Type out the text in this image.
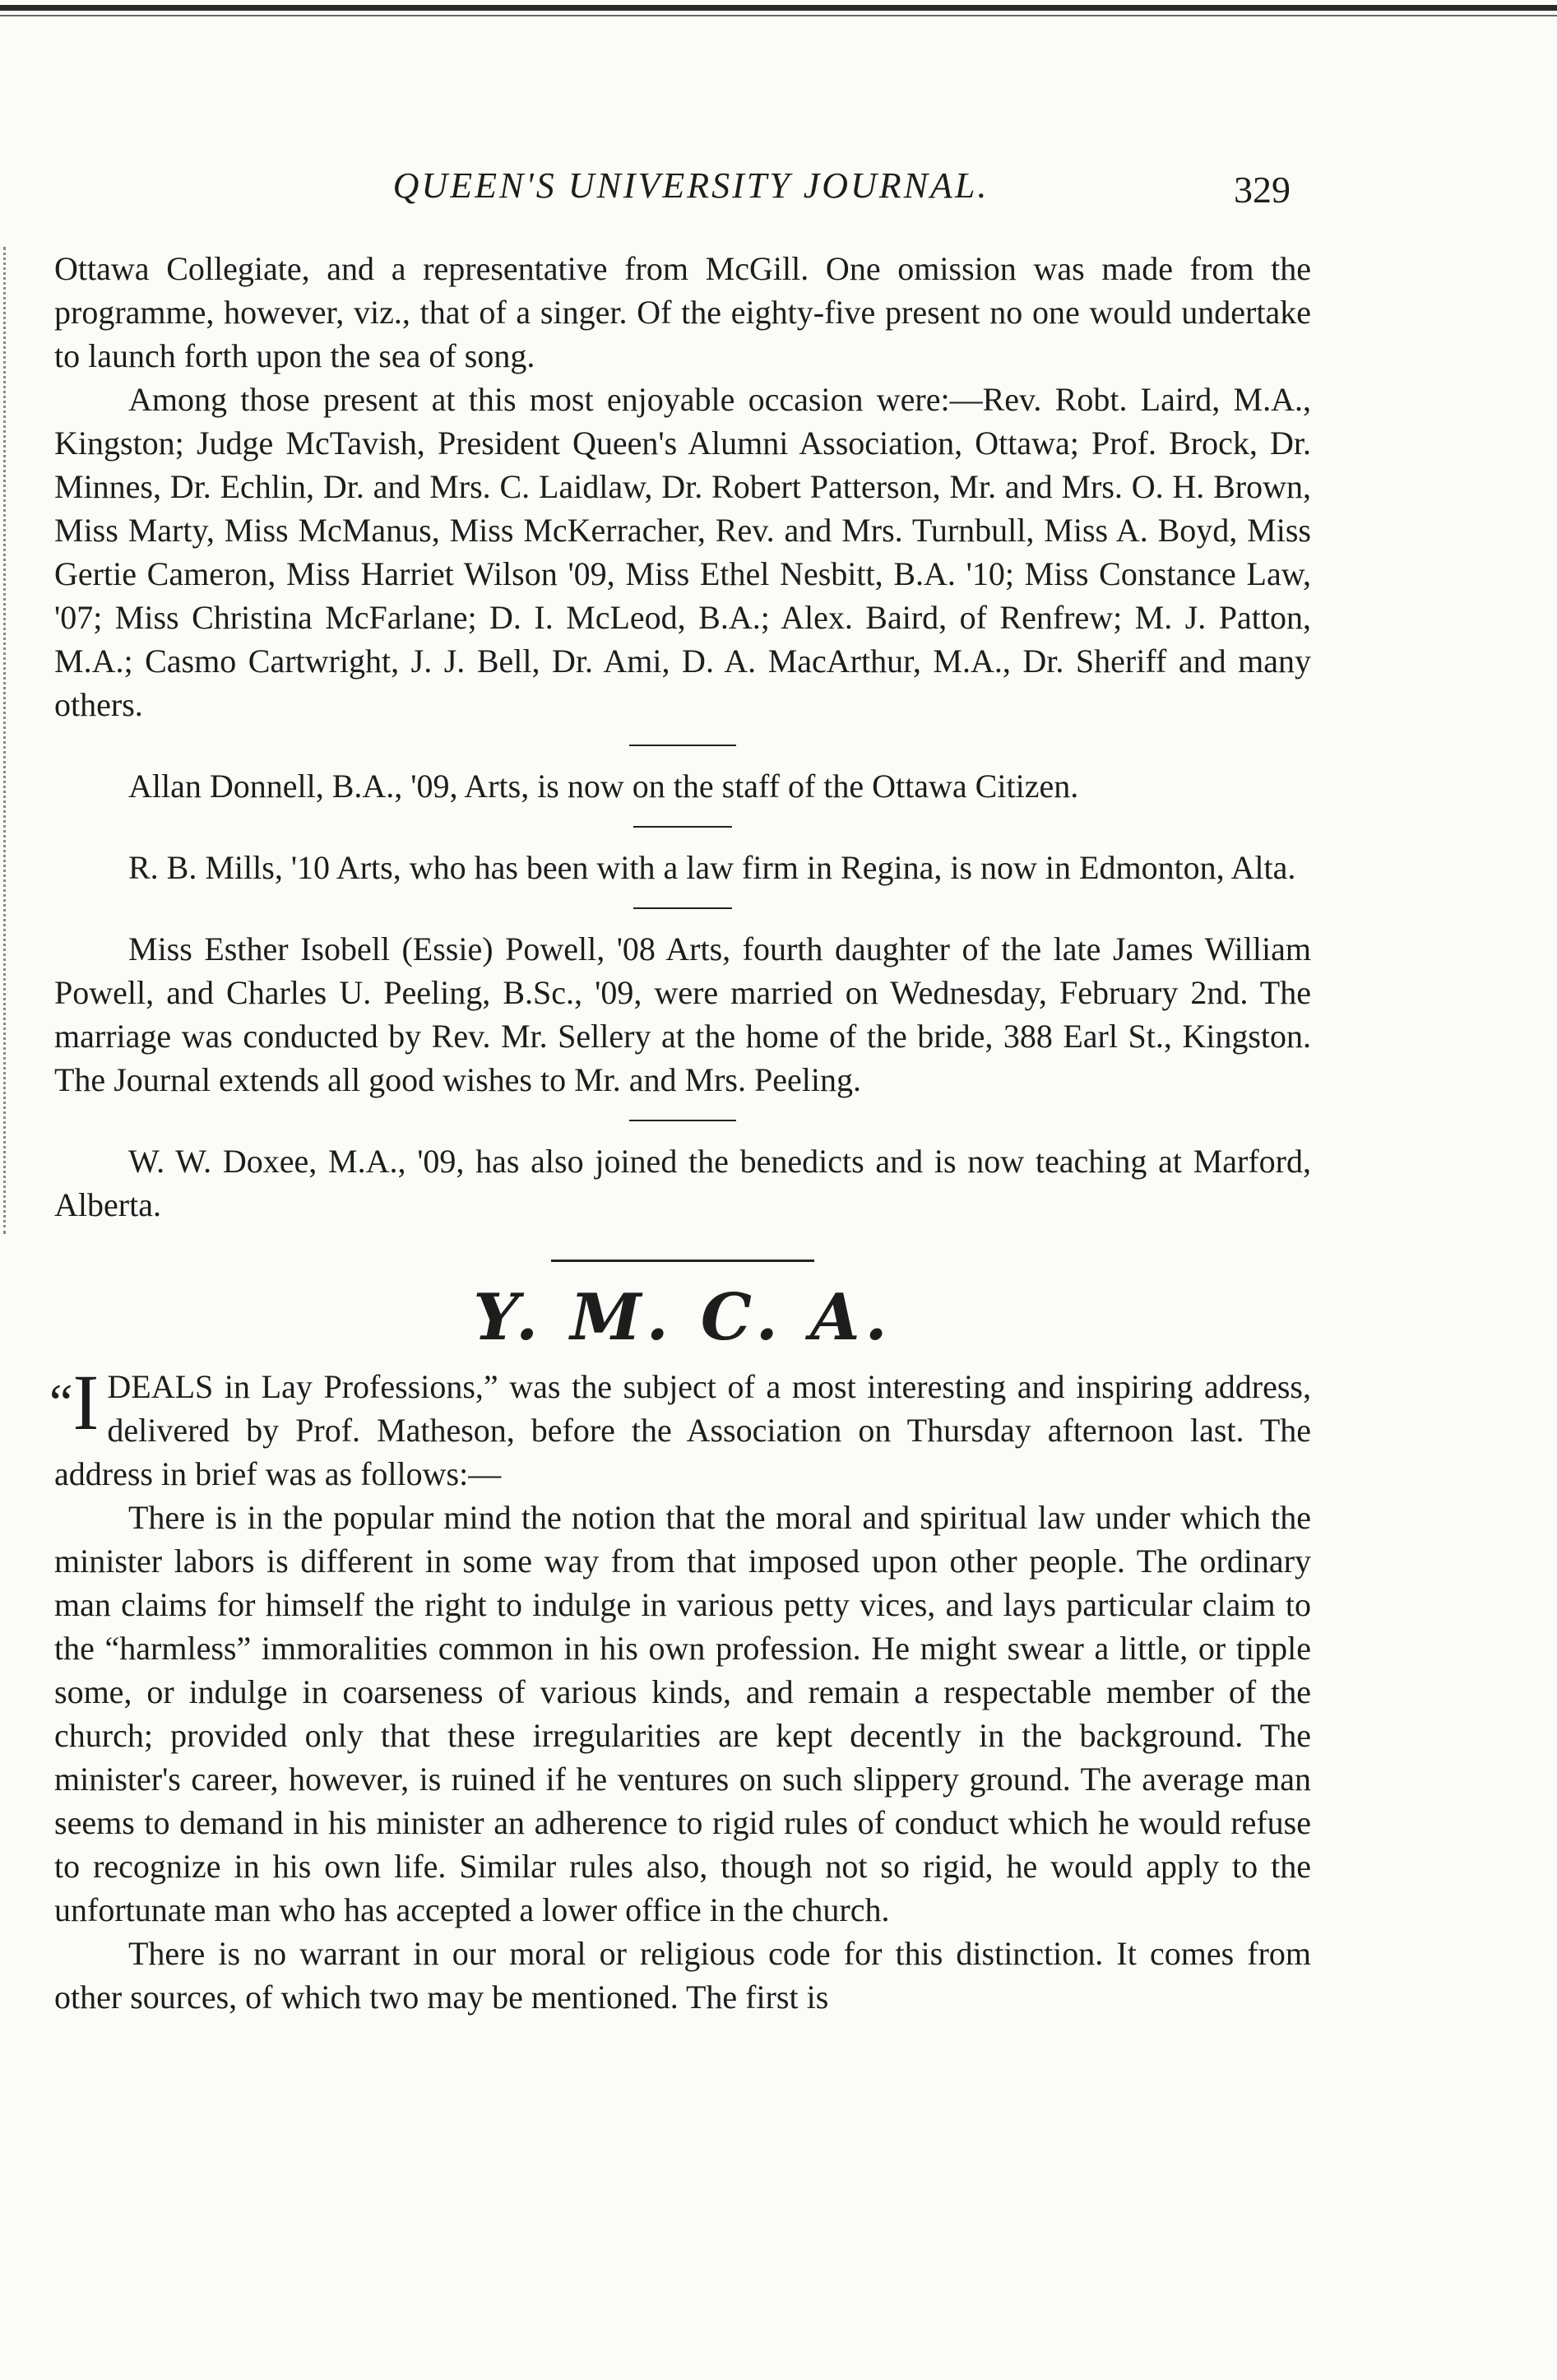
QUEEN'S UNIVERSITY JOURNAL.	329

Ottawa Collegiate, and a representative from McGill. One omission was made from the programme, however, viz., that of a singer. Of the eighty-five present no one would undertake to launch forth upon the sea of song.

Among those present at this most enjoyable occasion were:—Rev. Robt. Laird, M.A., Kingston; Judge McTavish, President Queen's Alumni Association, Ottawa; Prof. Brock, Dr. Minnes, Dr. Echlin, Dr. and Mrs. C. Laidlaw, Dr. Robert Patterson, Mr. and Mrs. O. H. Brown, Miss Marty, Miss McManus, Miss McKerracher, Rev. and Mrs. Turnbull, Miss A. Boyd, Miss Gertie Cameron, Miss Harriet Wilson '09, Miss Ethel Nesbitt, B.A. '10; Miss Constance Law, '07; Miss Christina McFarlane; D. I. McLeod, B.A.; Alex. Baird, of Renfrew; M. J. Patton, M.A.; Casmo Cartwright, J. J. Bell, Dr. Ami, D. A. MacArthur, M.A., Dr. Sheriff and many others.

Allan Donnell, B.A., '09, Arts, is now on the staff of the Ottawa Citizen.

R. B. Mills, '10 Arts, who has been with a law firm in Regina, is now in Edmonton, Alta.

Miss Esther Isobell (Essie) Powell, '08 Arts, fourth daughter of the late James William Powell, and Charles U. Peeling, B.Sc., '09, were married on Wednesday, February 2nd. The marriage was conducted by Rev. Mr. Sellery at the home of the bride, 388 Earl St., Kingston. The Journal extends all good wishes to Mr. and Mrs. Peeling.

W. W. Doxee, M.A., '09, has also joined the benedicts and is now teaching at Marford, Alberta.

Y. M. C. A.

“I DEALS in Lay Professions,” was the subject of a most interesting and inspiring address, delivered by Prof. Matheson, before the Association on Thursday afternoon last. The address in brief was as follows:—

There is in the popular mind the notion that the moral and spiritual law under which the minister labors is different in some way from that imposed upon other people. The ordinary man claims for himself the right to indulge in various petty vices, and lays particular claim to the “harmless” immoralities common in his own profession. He might swear a little, or tipple some, or indulge in coarseness of various kinds, and remain a respectable member of the church; provided only that these irregularities are kept decently in the background. The minister's career, however, is ruined if he ventures on such slippery ground. The average man seems to demand in his minister an adherence to rigid rules of conduct which he would refuse to recognize in his own life. Similar rules also, though not so rigid, he would apply to the unfortunate man who has accepted a lower office in the church.

There is no warrant in our moral or religious code for this distinction. It comes from other sources, of which two may be mentioned. The first is
